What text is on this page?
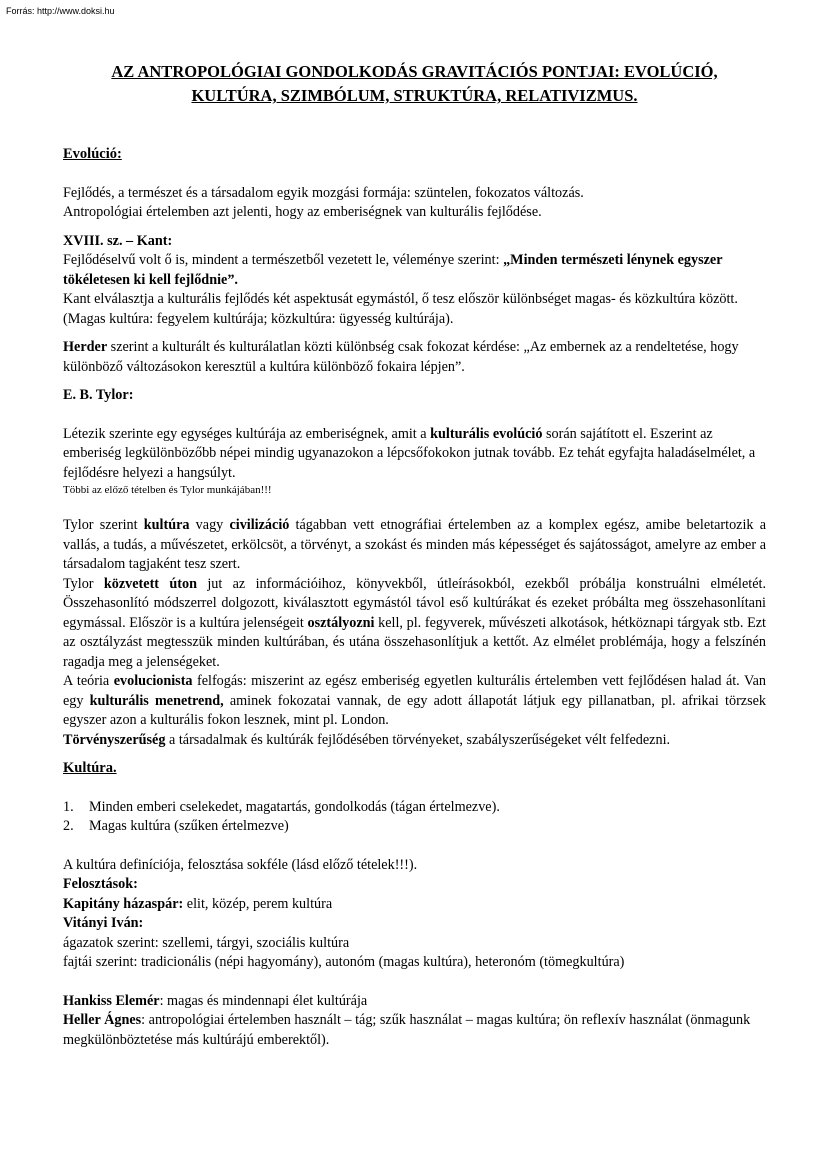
Forrás: http://www.doksi.hu
AZ ANTROPOLÓGIAI GONDOLKODÁS GRAVITÁCIÓS PONTJAI: EVOLÚCIÓ,
KULTÚRA, SZIMBÓLUM, STRUKTÚRA, RELATIVIZMUS.

Evolúció:

Fejlődés, a természet és a társadalom egyik mozgási formája: szüntelen, fokozatos változás.

Antropológiai értelemben azt jelenti, hogy az emberiségnek van kulturális fejlődése.

XVIII. sz. – Kant:

Fejlődéselvű volt ő is, mindent a természetből vezetett le, véleménye szerint: „Minden természeti lénynek egyszer tökéletesen ki kell fejlődnie”.

Kant elválasztja a kulturális fejlődés két aspektusát egymástól, ő tesz először különbséget magas- és közkultúra között. (Magas kultúra: fegyelem kultúrája; közkultúra: ügyesség kultúrája).

Herder szerint a kulturált és kulturálatlan közti különbség csak fokozat kérdése: „Az embernek az a rendeltetése, hogy különböző változásokon keresztül a kultúra különböző fokaira lépjen”.

E. B. Tylor:

Létezik szerinte egy egységes kultúrája az emberiségnek, amit a kulturális evolúció során sajátított el. Eszerint az emberiség legkülönbözőbb népei mindig ugyanazokon a lépcsőfokokon jutnak tovább. Ez tehát egyfajta haladáselmélet, a fejlődésre helyezi a hangsúlyt.

Többi az előző tételben és Tylor munkájában!!!

Tylor szerint kultúra vagy civilizáció tágabban vett etnográfiai értelemben az a komplex egész, amibe beletartozik a vallás, a tudás, a művészetet, erkölcsöt, a törvényt, a szokást és minden más képességet és sajátosságot, amelyre az ember a társadalom tagjaként tesz szert.

Tylor közvetett úton jut az információihoz, könyvekből, útleírásokból, ezekből próbálja konstruálni elméletét. Összehasonlító módszerrel dolgozott, kiválasztott egymástól távol eső kultúrákat és ezeket próbálta meg összehasonlítani egymással. Először is a kultúra jelenségeit osztályozni kell, pl. fegyverek, művészeti alkotások, hétköznapi tárgyak stb. Ezt az osztályzást megtesszük minden kultúrában, és utána összehasonlítjuk a kettőt. Az elmélet problémája, hogy a felszínén ragadja meg a jelenségeket.

A teória evolucionista felfogás: miszerint az egész emberiség egyetlen kulturális értelemben vett fejlődésen halad át. Van egy kulturális menetrend, aminek fokozatai vannak, de egy adott állapotát látjuk egy pillanatban, pl. afrikai törzsek egyszer azon a kulturális fokon lesznek, mint pl. London.

Törvényszerűség a társadalmak és kultúrák fejlődésében törvényeket, szabályszerűségeket vélt felfedezni.

Kultúra.

1.	Minden emberi cselekedet, magatartás, gondolkodás (tágan értelmezve).
2.	Magas kultúra (szűken értelmezve)

A kultúra definíciója, felosztása sokféle (lásd előző tételek!!!).

Felosztások:

Kapitány házaspár: elit, közép, perem kultúra

Vitányi Iván:

ágazatok szerint: szellemi, tárgyi, szociális kultúra

fajtái szerint: tradicionális (népi hagyomány), autonóm (magas kultúra), heteronóm (tömegkultúra)

Hankiss Elemér: magas és mindennapi élet kultúrája

Heller Ágnes: antropológiai értelemben használt – tág; szűk használat – magas kultúra; ön reflexív használat (önmagunk megkülönböztetése más kultúrájú emberektől).
